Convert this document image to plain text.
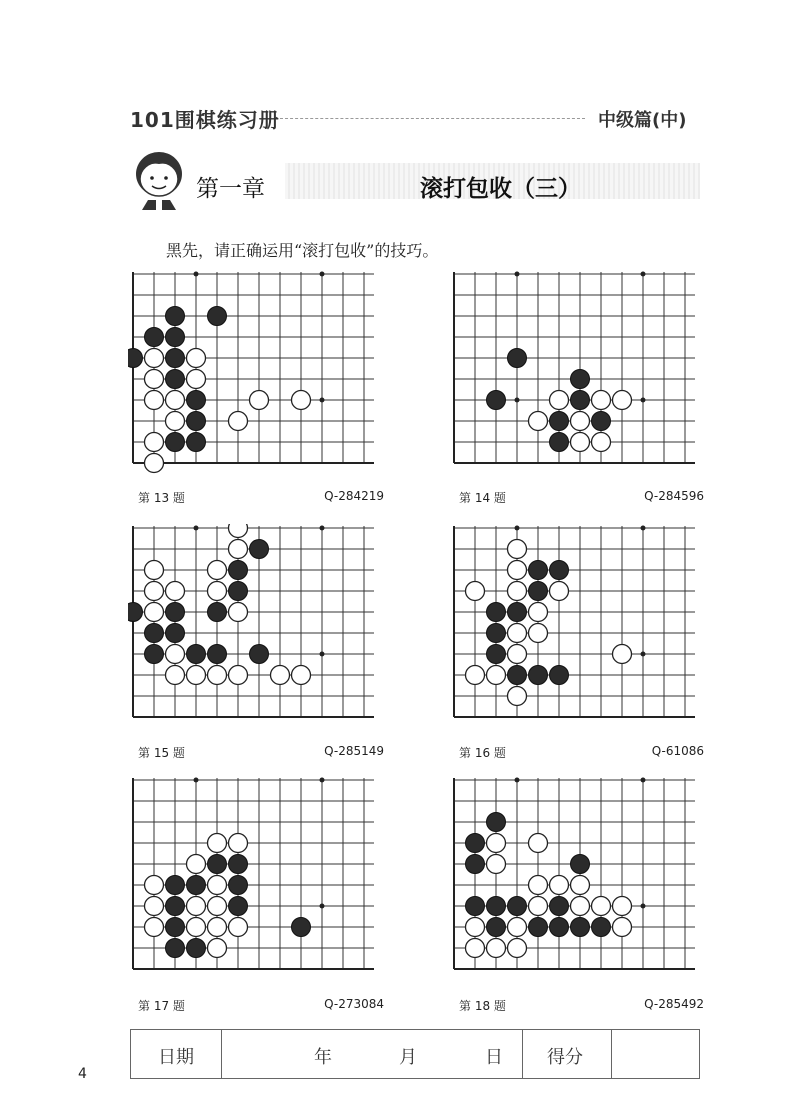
101围棋练习册	中级篇(中)
第一章	滚打包收（三）
黑先，请正确运用“滚打包收”的技巧。
第 13 题	Q-284219	第 14 题	Q-284596
第 15 题	Q-285149	第 16 题	Q-61086
第 17 题	Q-273084	第 18 题	Q-285492
日期	年	月	日 得分
4
